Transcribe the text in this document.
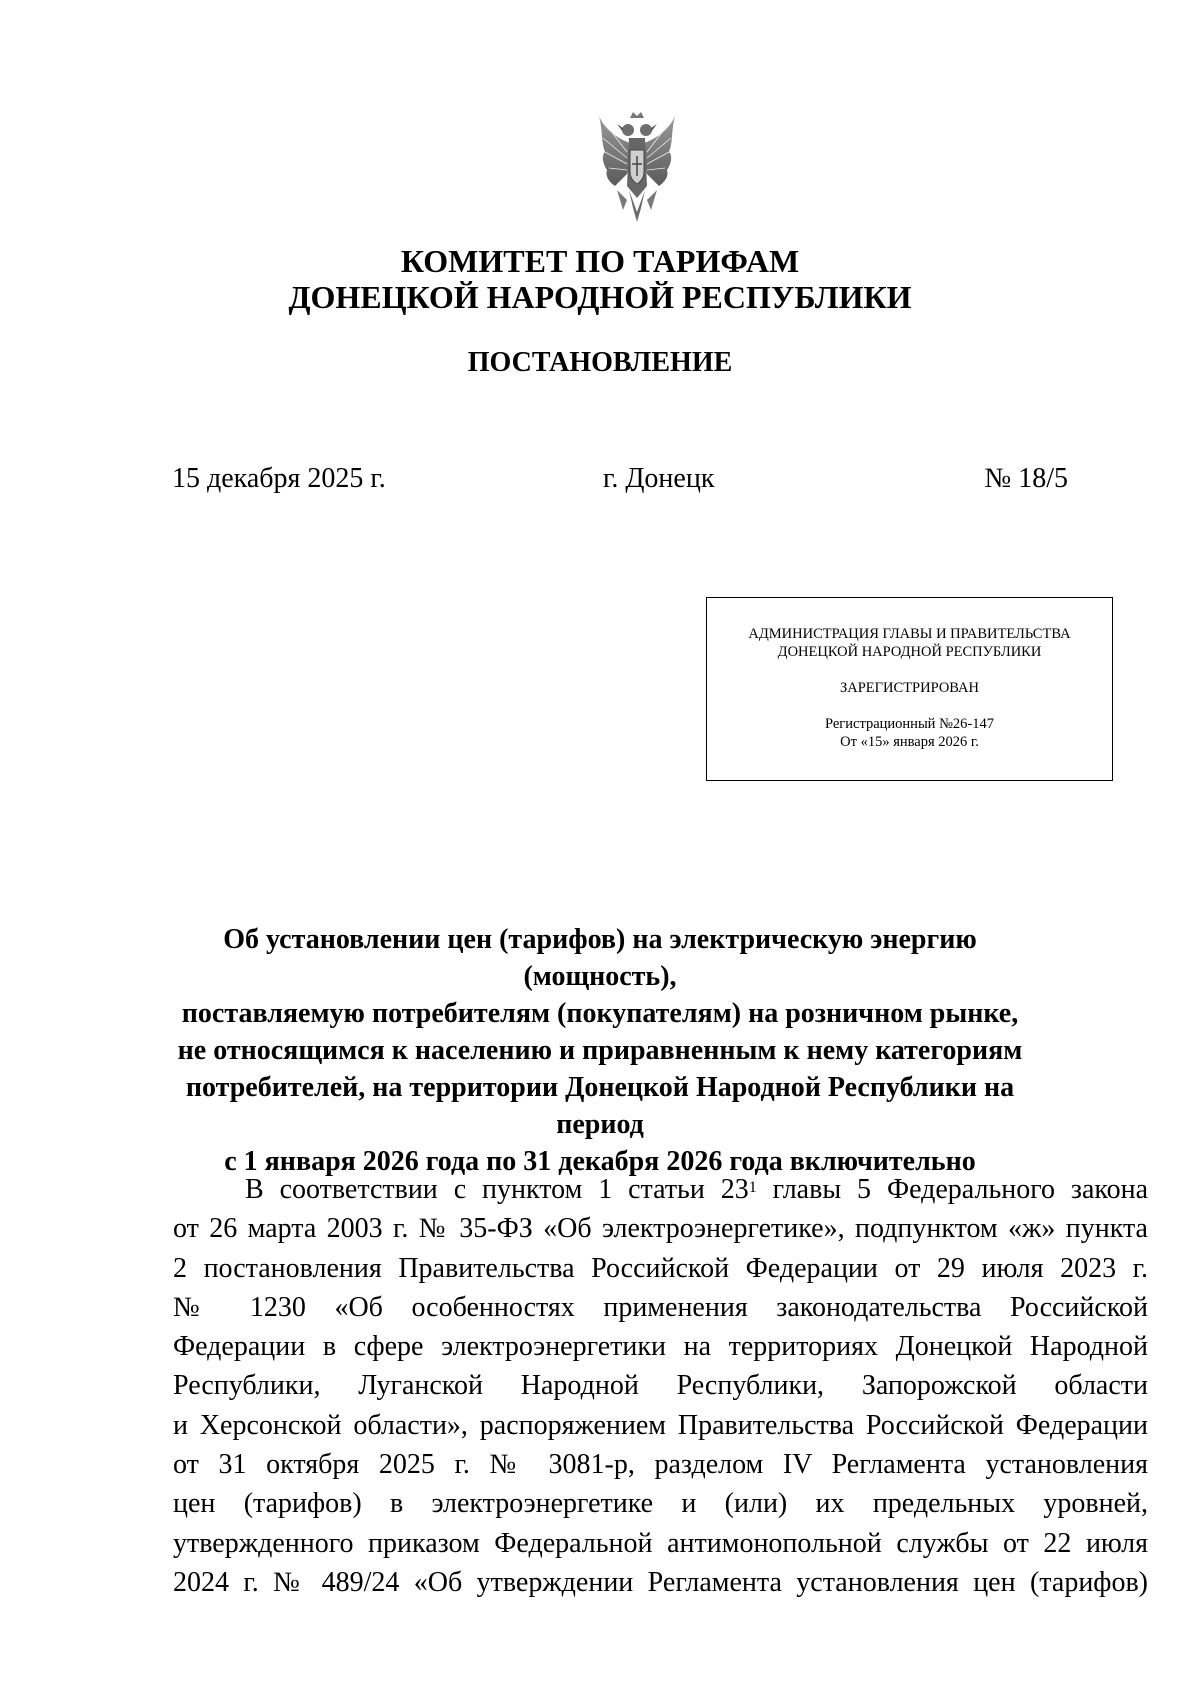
КОМИТЕТ ПО ТАРИФАМ
ДОНЕЦКОЙ НАРОДНОЙ РЕСПУБЛИКИ
ПОСТАНОВЛЕНИЕ
15 декабря 2025 г.	г. Донецк	№ 18/5
АДМИНИСТРАЦИЯ ГЛАВЫ И ПРАВИТЕЛЬСТВА
ДОНЕЦКОЙ НАРОДНОЙ РЕСПУБЛИКИ
ЗАРЕГИСТРИРОВАН
Регистрационный №26-147
От «15» января 2026 г.
Об установлении цен (тарифов) на электрическую энергию (мощность),
поставляемую потребителям (покупателям) на розничном рынке,
не относящимся к населению и приравненным к нему категориям
потребителей, на территории Донецкой Народной Республики на период
с 1 января 2026 года по 31 декабря 2026 года включительно
В соответствии с пунктом 1 статьи $23^1$ главы 5 Федерального закона
от 26 марта 2003 г. № 35-ФЗ «Об электроэнергетике», подпунктом «ж» пункта
2 постановления Правительства Российской Федерации от 29 июля 2023 г.
№ 1230 «Об особенностях применения законодательства Российской
Федерации в сфере электроэнергетики на территориях Донецкой Народной
Республики, Луганской Народной Республики, Запорожской области
и Херсонской области», распоряжением Правительства Российской Федерации
от 31 октября 2025 г. № 3081-р, разделом IV Регламента установления
цен (тарифов) в электроэнергетике и (или) их предельных уровней,
утвержденного приказом Федеральной антимонопольной службы от 22 июля
2024 г. № 489/24 «Об утверждении Регламента установления цен (тарифов)
